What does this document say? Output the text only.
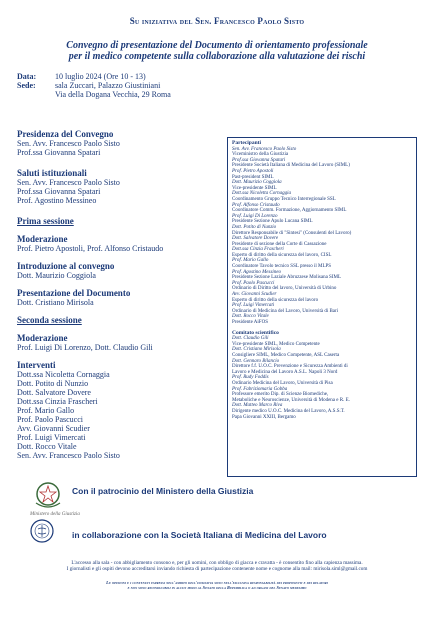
Su iniziativa del Sen. Francesco Paolo Sisto
Convegno di presentazione del Documento di orientamento professionale
per il medico competente sulla collaborazione alla valutazione dei rischi
Data: 10 luglio 2024 (Ore 10 - 13)
Sede: sala Zuccari, Palazzo Giustiniani
Via della Dogana Vecchia, 29 Roma
Presidenza del Convegno
Sen. Avv. Francesco Paolo Sisto
Prof.ssa Giovanna Spatari
Saluti istituzionali
Sen. Avv. Francesco Paolo Sisto
Prof.ssa Giovanna Spatari
Prof. Agostino Messineo
Prima sessione
Moderazione
Prof. Pietro Apostoli, Prof. Alfonso Cristaudo
Introduzione al convegno
Dott. Maurizio Coggiola
Presentazione del Documento
Dott. Cristiano Mirisola
Seconda sessione
Moderazione
Prof. Luigi Di Lorenzo, Dott. Claudio Gili
Interventi
Dott.ssa Nicoletta Cornaggia
Dott. Potito di Nunzio
Dott. Salvatore Dovere
Dott.ssa Cinzia Frascheri
Prof. Mario Gallo
Prof. Paolo Pascucci
Avv. Giovanni Scudier
Prof. Luigi Vimercati
Dott. Rocco Vitale
Sen. Avv. Francesco Paolo Sisto
Partecipanti
Sen. Avv. Francesco Paolo Sisto
Viceministro della Giustizia
Prof.ssa Giovanna Spatari
Presidente Società Italiana di Medicina del Lavoro (SIML)
Prof. Pietro Apostoli
Past-president SIML
Dott. Maurizio Coggiola
Vice-presidente SIML
Dott.ssa Nicoletta Cornaggia
Coordinamento Gruppo Tecnico Interregionale SSL
Prof. Alfonso Cristaudo
Coordinatore Comm. Formazione, Aggiornamento SIML
Prof. Luigi Di Lorenzo
Presidente Sezione Apulo Lucana SIML
Dott. Potito di Nunzio
Direttore Responsabile di "Sintesi" (Consulenti del Lavoro)
Dott. Salvatore Dovere
Presidente di sezione della Corte di Cassazione
Dott.ssa Cinzia Frascheri
Esperto di diritto della sicurezza del lavoro, CISL
Prof. Mario Gallo
Coordinatore Tavolo tecnico SSL presso il MLPS
Prof. Agostino Messineo
Presidente Sezione Laziale Abruzzese Molisana SIML
Prof. Paolo Pascucci
Ordinario di Diritto del lavoro, Università di Urbino
Avv. Giovanni Scudier
Esperto di diritto della sicurezza del lavoro
Prof. Luigi Vimercati
Ordinario di Medicina del Lavoro, Università di Bari
Dott. Rocco Vitale
Presidente AiFOS
Comitato scientifico
Dott. Claudio Gili
Vice-presidente SIML, Medico Competente
Dott. Cristiano Mirisola
Consigliere SIML, Medico Competente, ASL Caserta
Dott. Gennaro Bilancio
Direttore f.f. U.O.C. Prevenzione e Sicurezza Ambienti di
Lavoro e Medicina del Lavoro A.S.L. Napoli 3 Nord
Prof. Rudy Foddis
Ordinario Medicina del Lavoro, Università di Pisa
Prof. Fabriziomaria Gobba
Professore emerito Dip. di Scienze Biomediche,
Metaboliche e Neuroscienze, Università di Modena e R. E.
Dott. Matteo Marco Riva
Dirigente medico U.O.C. Medicina del Lavoro, A.S.S.T.
Papa Giovanni XXIII, Bergamo
Ministero della Giustizia
Con il patrocinio del Ministero della Giustizia
in collaborazione con la Società Italiana di Medicina del Lavoro
L'accesso alla sala - con abbigliamento consono e, per gli uomini, con obbligo di giacca e cravatta - è consentito fino alla capienza massima.
I giornalisti e gli ospiti devono accreditarsi inviando richiesta di partecipazione contenente nome e cognome alla mail: mirisola.siml@gmail.com
Le opinioni e i contenuti espressi nell'ambito dell'iniziativa sono nell'esclusiva responsabilità dei proponenti e dei relatori
e non sono riconducibili in alcun modo al Senato della Repubblica o ad organi del Senato medesimo
